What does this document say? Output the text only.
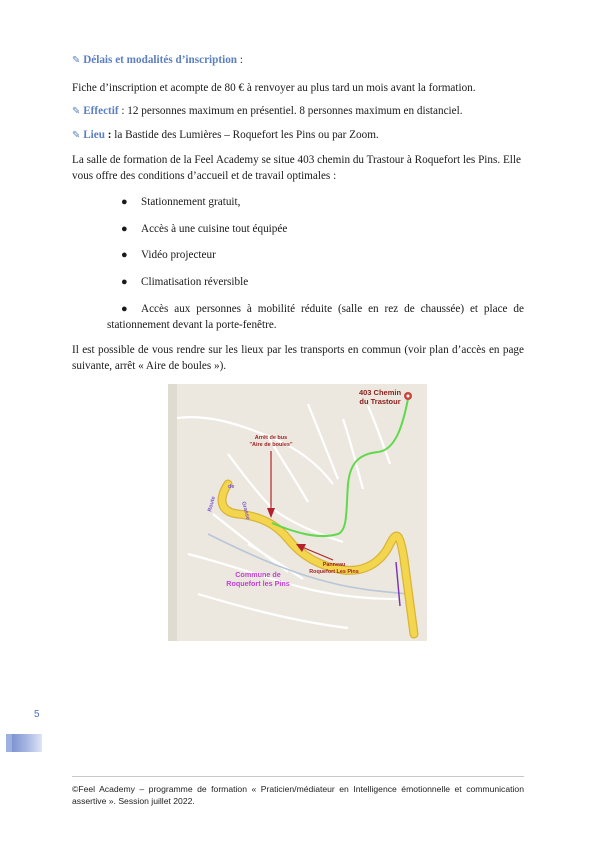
✎ Délais et modalités d’inscription :

Fiche d’inscription et acompte de 80 € à renvoyer au plus tard un mois avant la formation.

✎ Effectif : 12 personnes maximum en présentiel. 8 personnes maximum en distanciel.

✎ Lieu : la Bastide des Lumières – Roquefort les Pins ou par Zoom.

La salle de formation de la Feel Academy se situe 403 chemin du Trastour à Roquefort les Pins. Elle vous offre des conditions d’accueil et de travail optimales :

● Stationnement gratuit,
● Accès à une cuisine tout équipée
● Vidéo projecteur
● Climatisation réversible

● Accès aux personnes à mobilité réduite (salle en rez de chaussée) et place de stationnement devant la porte-fenêtre.

Il est possible de vous rendre sur les lieux par les transports en commun (voir plan d’accès en page suivante, arrêt « Aire de boules »).

403 Chemin
du Trastour
Arrêt de bus
"Aire de boules"
Route
de
Grasse
Commune de
Roquefort les Pins
Panneau
Roquefort Les Pins
5
©Feel Academy – programme de formation « Praticien/médiateur en Intelligence émotionnelle et communication assertive ». Session juillet 2022.
